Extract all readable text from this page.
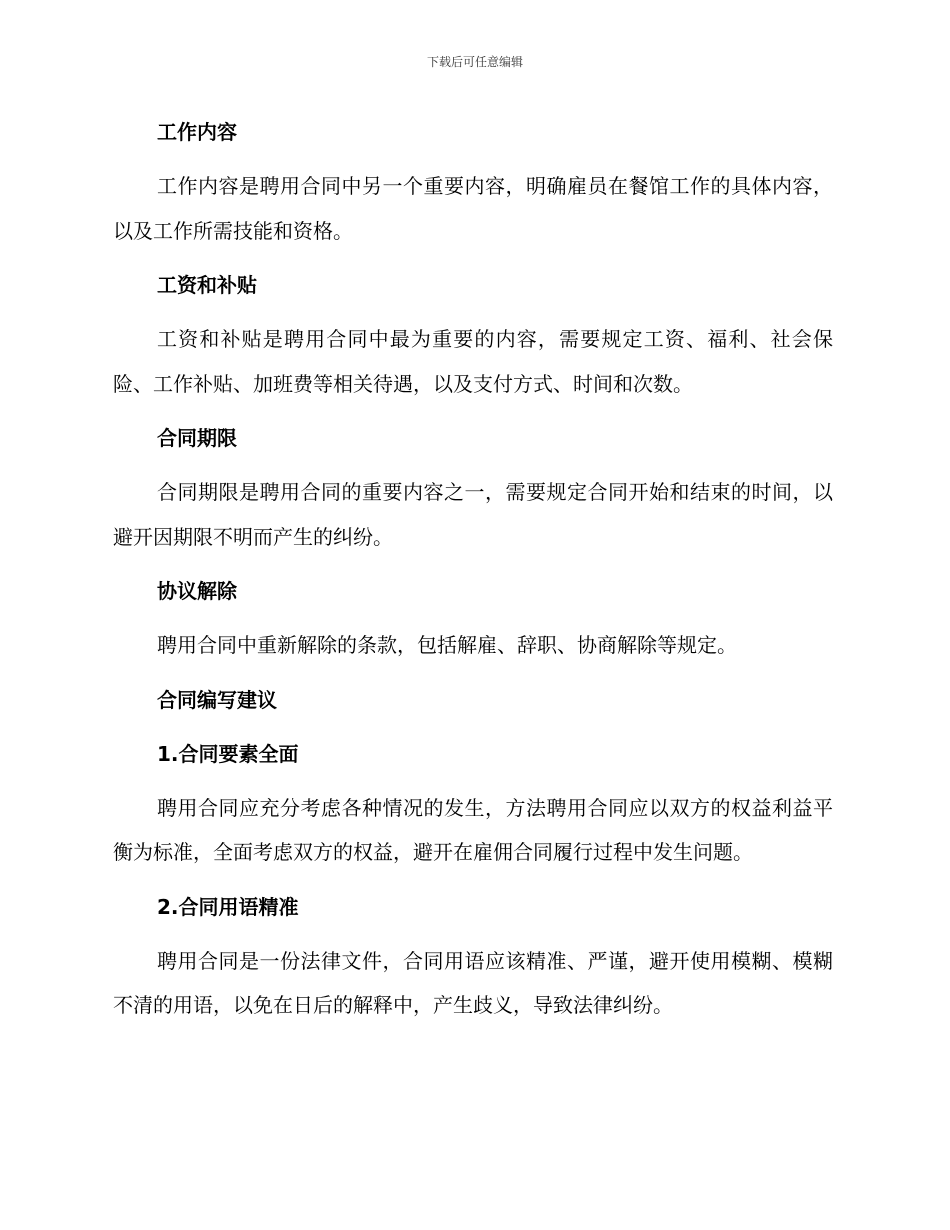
下载后可任意编辑
工作内容

工作内容是聘用合同中另一个重要内容，明确雇员在餐馆工作的具体内容，以及工作所需技能和资格。

工资和补贴

工资和补贴是聘用合同中最为重要的内容，需要规定工资、福利、社会保险、工作补贴、加班费等相关待遇，以及支付方式、时间和次数。

合同期限

合同期限是聘用合同的重要内容之一，需要规定合同开始和结束的时间，以避开因期限不明而产生的纠纷。

协议解除

聘用合同中重新解除的条款，包括解雇、辞职、协商解除等规定。

合同编写建议
1.合同要素全面

聘用合同应充分考虑各种情况的发生，方法聘用合同应以双方的权益利益平衡为标准，全面考虑双方的权益，避开在雇佣合同履行过程中发生问题。

2.合同用语精准

聘用合同是一份法律文件，合同用语应该精准、严谨，避开使用模糊、模糊不清的用语，以免在日后的解释中，产生歧义，导致法律纠纷。
